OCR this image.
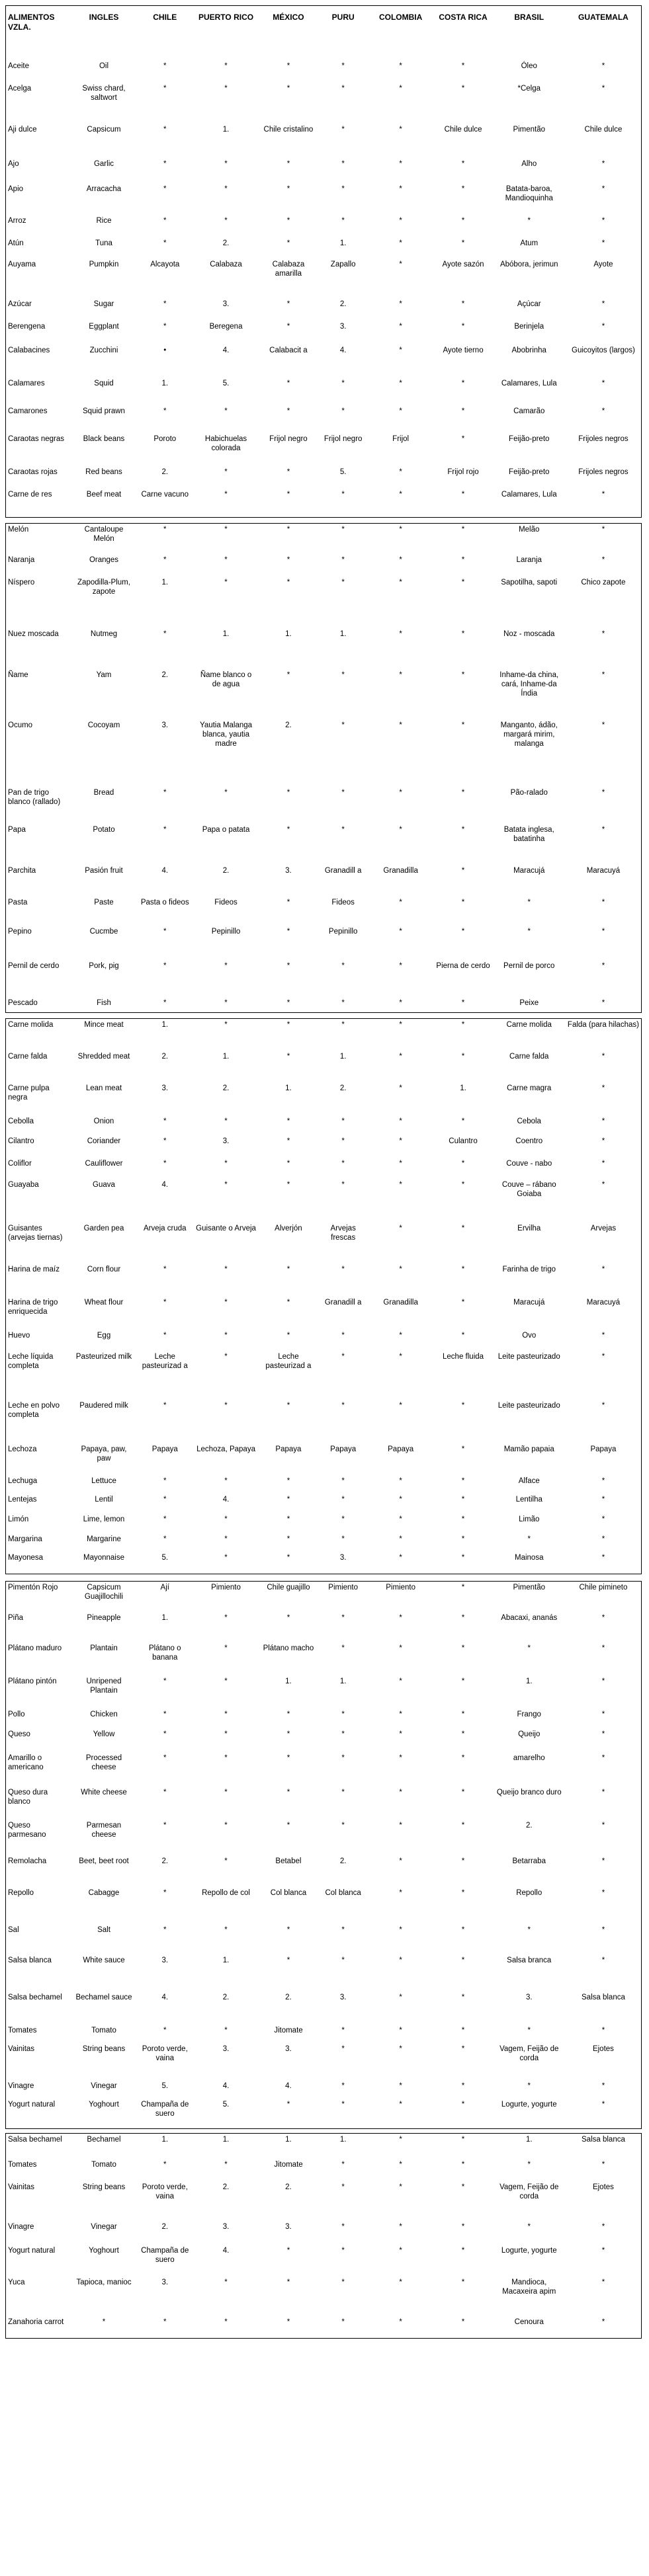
ALIMENTOS VZLA.	INGLES	CHILE	PUERTO RICO	MÉXICO	PURU	COLOMBIA	COSTA RICA	BRASIL	GUATEMALA
Aceite	Oil	*	*	*	*	*	*	Óleo	*
Acelga	Swiss chard, saltwort	*	*	*	*	*	*	*Celga	*
Aji dulce	Capsicum	*	1.	Chile cristalino	*	*	Chile dulce	Pimentão	Chile dulce
Ajo	Garlic	*	*	*	*	*	*	Alho	*
Apio	Arracacha	*	*	*	*	*	*	Batata-baroa, Mandioquinha	*
Arroz	Rice	*	*	*	*	*	*	*	*
Atún	Tuna	*	2.	*	1.	*	*	Atum	*
Auyama	Pumpkin	Alcayota	Calabaza	Calabaza amarilla	Zapallo	*	Ayote sazón	Abóbora, jerimun	Ayote
Azúcar	Sugar	*	3.	*	2.	*	*	Açúcar	*
Berengena	Eggplant	*	Beregena	*	3.	*	*	Berinjela	*
Calabacines	Zucchini	•	4.	Calabacit a	4.	*	Ayote tierno	Abobrinha	Guicoyitos (largos)
Calamares	Squid	1.	5.	*	*	*	*	Calamares, Lula	*
Camarones	Squid prawn	*	*	*	*	*	*	Camarão	*
Caraotas negras	Black beans	Poroto	Habichuelas colorada	Frijol negro	Frijol negro	Frijol	*	Feijão-preto	Frijoles negros
Caraotas rojas	Red beans	2.	*	*	5.	*	Frijol rojo	Feijão-preto	Frijoles negros
Carne de res	Beef meat	Carne vacuno	*	*	*	*	*	Calamares, Lula	*
Melón	Cantaloupe Melón	*	*	*	*	*	*	Melão	*
Naranja	Oranges	*	*	*	*	*	*	Laranja	*
Níspero	Zapodilla-Plum, zapote	1.	*	*	*	*	*	Sapotilha, sapoti	Chico zapote
Nuez moscada	Nutmeg	*	1.	1.	1.	*	*	Noz - moscada	*
Ñame	Yam	2.	Ñame blanco o de agua	*	*	*	*	Inhame-da china, cará, Inhame-da Índia	*
Ocumo	Cocoyam	3.	Yautia Malanga blanca, yautia madre	2.	*	*	*	Manganto, ádão, margará mirim, malanga	*
Pan de trigo blanco (rallado)	Bread	*	*	*	*	*	*	Pão-ralado	*
Papa	Potato	*	Papa o patata	*	*	*	*	Batata inglesa, batatinha	*
Parchita	Pasión fruit	4.	2.	3.	Granadill a	Granadilla	*	Maracujá	Maracuyá
Pasta	Paste	Pasta o fideos	Fideos	*	Fideos	*	*	*	*
Pepino	Cucmbe	*	Pepinillo	*	Pepinillo	*	*	*	*
Pernil de cerdo	Pork, pig	*	*	*	*	*	Pierna de cerdo	Pernil de porco	*
Pescado	Fish	*	*	*	*	*	*	Peixe	*
Carne molida	Mince meat	1.	*	*	*	*	*	Carne molida	Falda (para hilachas)
Carne falda	Shredded meat	2.	1.	*	1.	*	*	Carne falda	*
Carne pulpa negra	Lean meat	3.	2.	1.	2.	*	1.	Carne magra	*
Cebolla	Onion	*	*	*	*	*	*	Cebola	*
Cilantro	Coriander	*	3.	*	*	*	Culantro	Coentro	*
Coliflor	Cauliflower	*	*	*	*	*	*	Couve - nabo	*
Guayaba	Guava	4.	*	*	*	*	*	Couve – rábano Goiaba	*
Guisantes (arvejas tiernas)	Garden pea	Arveja cruda	Guisante o Arveja	Alverjón	Arvejas frescas	*	*	Ervilha	Arvejas
Harina de maíz	Corn flour	*	*	*	*	*	*	Farinha de trigo	*
Harina de trigo enriquecida	Wheat flour	*	*	*	Granadill a	Granadilla	*	Maracujá	Maracuyá
Huevo	Egg	*	*	*	*	*	*	Ovo	*
Leche líquida completa	Pasteurized milk	Leche pasteurizad a	*	Leche pasteurizad a	*	*	Leche fluida	Leite pasteurizado	*
Leche en polvo completa	Paudered milk	*	*	*	*	*	*	Leite pasteurizado	*
Lechoza	Papaya, paw, paw	Papaya	Lechoza, Papaya	Papaya	Papaya	Papaya	*	Mamão papaia	Papaya
Lechuga	Lettuce	*	*	*	*	*	*	Alface	*
Lentejas	Lentil	*	4.	*	*	*	*	Lentilha	*
Limón	Lime, lemon	*	*	*	*	*	*	Limão	*
Margarina	Margarine	*	*	*	*	*	*	*	*
Mayonesa	Mayonnaise	5.	*	*	3.	*	*	Mainosa	*
Pimentón Rojo	Capsicum Guajillochili	Ají	Pimiento	Chile guajillo	Pimiento	Pimiento	*	Pimentão	Chile pimineto
Piña	Pineapple	1.	*	*	*	*	*	Abacaxi, ananás	*
Plátano maduro	Plantain	Plátano o banana	*	Plátano macho	*	*	*	*	*
Plátano pintón	Unripened Plantain	*	*	1.	1.	*	*	1.	*
Pollo	Chicken	*	*	*	*	*	*	Frango	*
Queso	Yellow	*	*	*	*	*	*	Queijo	*
Amarillo o americano	Processed cheese	*	*	*	*	*	*	amarelho	*
Queso dura blanco	White cheese	*	*	*	*	*	*	Queijo branco duro	*
Queso parmesano	Parmesan cheese	*	*	*	*	*	*	2.	*
Remolacha	Beet, beet root	2.	*	Betabel	2.	*	*	Betarraba	*
Repollo	Cabagge	*	Repollo de col	Col blanca	Col blanca	*	*	Repollo	*
Sal	Salt	*	*	*	*	*	*	*	*
Salsa blanca	White sauce	3.	1.	*	*	*	*	Salsa branca	*
Salsa bechamel	Bechamel sauce	4.	2.	2.	3.	*	*	3.	Salsa blanca
Tomates	Tomato	*	*	Jitomate	*	*	*	*	*
Vainitas	String beans	Poroto verde, vaina	3.	3.	*	*	*	Vagem, Feijão de corda	Ejotes
Vinagre	Vinegar	5.	4.	4.	*	*	*	*	*
Yogurt natural	Yoghourt	Champaña de suero	5.	*	*	*	*	Logurte, yogurte	*
Salsa bechamel	Bechamel	1.	1.	1.	1.	*	*	1.	Salsa blanca
Tomates	Tomato	*	*	Jitomate	*	*	*	*	*
Vainitas	String beans	Poroto verde, vaina	2.	2.	*	*	*	Vagem, Feijão de corda	Ejotes
Vinagre	Vinegar	2.	3.	3.	*	*	*	*	*
Yogurt natural	Yoghourt	Champaña de suero	4.	*	*	*	*	Logurte, yogurte	*
Yuca	Tapioca, manioc	3.	*	*	*	*	*	Mandioca, Macaxeira apim	*
Zanahoria carrot	*	*	*	*	*	*	*	Cenoura	*
